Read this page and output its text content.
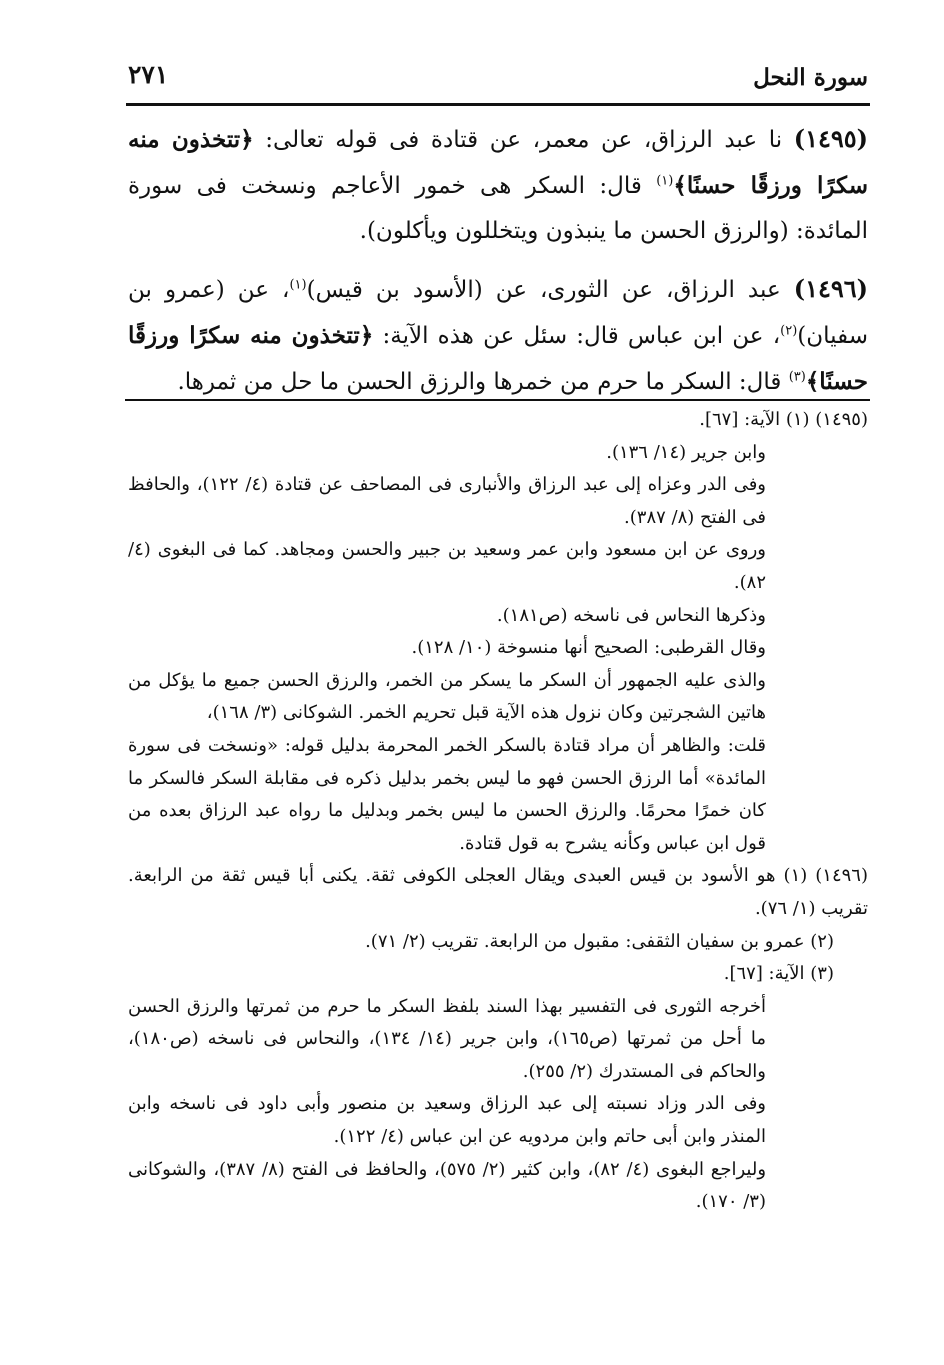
سورة النحل
٢٧١

(١٤٩٥) نا عبد الرزاق، عن معمر، عن قتادة فى قوله تعالى: ﴿تتخذون منه سكرًا ورزقًا حسنًا﴾$^{(١)}$ قال: السكر هى خمور الأعاجم ونسخت فى سورة المائدة: (والرزق الحسن ما ينبذون ويتخللون ويأكلون).

(١٤٩٦) عبد الرزاق، عن الثورى، عن (الأسود بن قيس)$^{(١)}$، عن (عمرو بن سفيان)$^{(٢)}$، عن ابن عباس قال: سئل عن هذه الآية: ﴿تتخذون منه سكرًا ورزقًا حسنًا﴾$^{(٣)}$ قال: السكر ما حرم من خمرها والرزق الحسن ما حل من ثمرها.

(١٤٩٥) (١) الآية: [٦٧].

وابن جرير (١٤/ ١٣٦).

وفى الدر وعزاه إلى عبد الرزاق والأنبارى فى المصاحف عن قتادة (٤/ ١٢٢)، والحافظ فى الفتح (٨/ ٣٨٧).

وروى عن ابن مسعود وابن عمر وسعيد بن جبير والحسن ومجاهد. كما فى البغوى (٤/ ٨٢).

وذكرها النحاس فى ناسخه (ص١٨١).

وقال القرطبى: الصحيح أنها منسوخة (١٠/ ١٢٨).

والذى عليه الجمهور أن السكر ما يسكر من الخمر، والرزق الحسن جميع ما يؤكل من هاتين الشجرتين وكان نزول هذه الآية قبل تحريم الخمر. الشوكانى (٣/ ١٦٨)،

قلت: والظاهر أن مراد قتادة بالسكر الخمر المحرمة بدليل قوله: «ونسخت فى سورة المائدة» أما الرزق الحسن فهو ما ليس بخمر بدليل ذكره فى مقابلة السكر فالسكر ما كان خمرًا محرمًا. والرزق الحسن ما ليس بخمر وبدليل ما رواه عبد الرزاق بعده من قول ابن عباس وكأنه يشرح به قول قتادة.

(١٤٩٦) (١) هو الأسود بن قيس العبدى ويقال العجلى الكوفى ثقة. يكنى أبا قيس ثقة من الرابعة. تقريب (١/ ٧٦).

(٢) عمرو بن سفيان الثقفى: مقبول من الرابعة. تقريب (٢/ ٧١).

(٣) الآية: [٦٧].

أخرجه الثورى فى التفسير بهذا السند بلفظ السكر ما حرم من ثمرتها والرزق الحسن ما أحل من ثمرتها (ص١٦٥)، وابن جرير (١٤/ ١٣٤)، والنحاس فى ناسخه (ص١٨٠)، والحاكم فى المستدرك (٢/ ٢٥٥).

وفى الدر وزاد نسبته إلى عبد الرزاق وسعيد بن منصور وأبى داود فى ناسخه وابن المنذر وابن أبى حاتم وابن مردويه عن ابن عباس (٤/ ١٢٢).

وليراجع البغوى (٤/ ٨٢)، وابن كثير (٢/ ٥٧٥)، والحافظ فى الفتح (٨/ ٣٨٧)، والشوكانى (٣/ ١٧٠).
